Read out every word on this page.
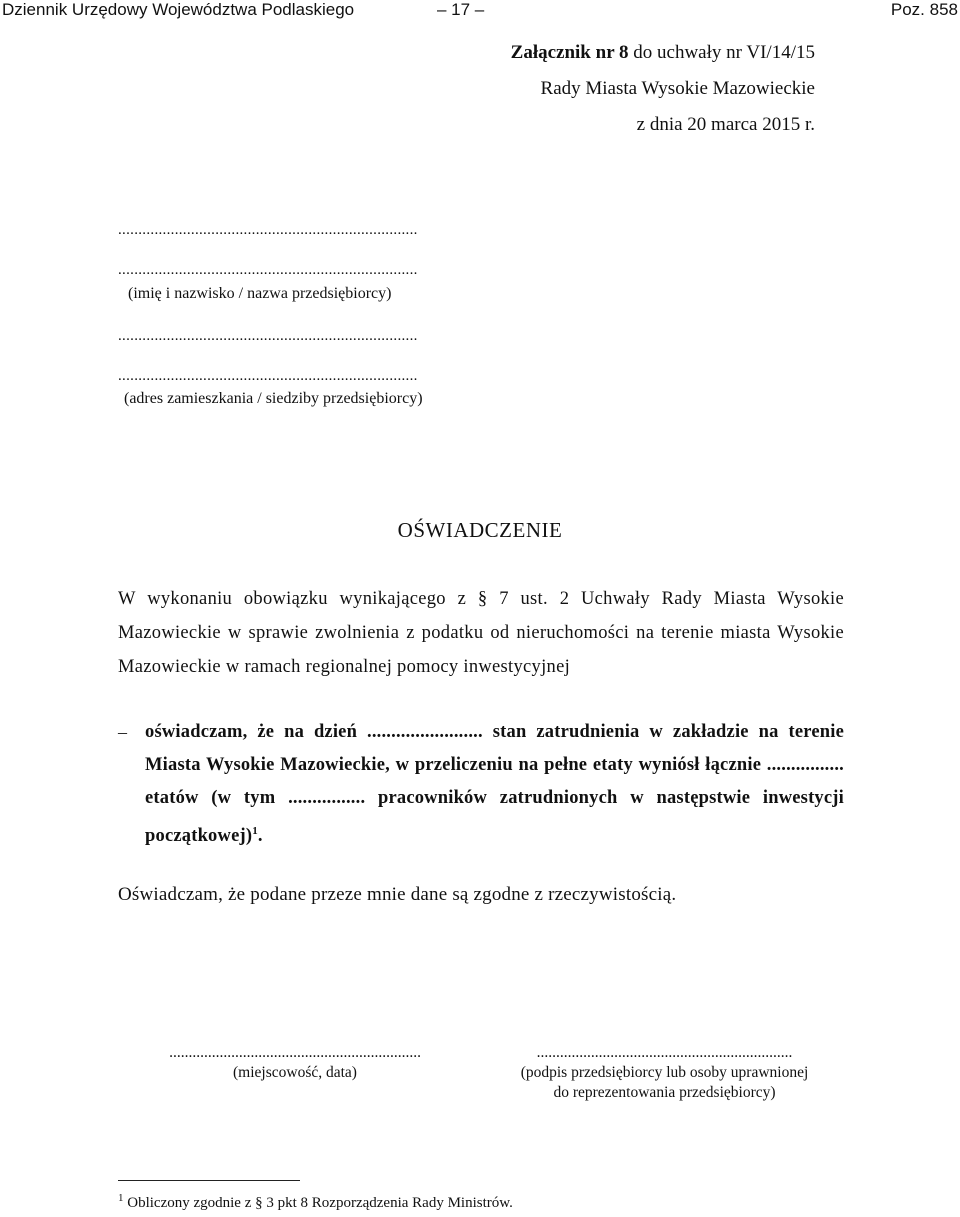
Dziennik Urzędowy Województwa Podlaskiego	– 17 –	Poz. 858
Załącznik nr 8 do uchwały nr VI/14/15
Rady Miasta Wysokie Mazowieckie
z dnia 20 marca 2015 r.
..........................................................................
..........................................................................
(imię i nazwisko / nazwa przedsiębiorcy)
..........................................................................
..........................................................................
(adres zamieszkania / siedziby przedsiębiorcy)
OŚWIADCZENIE
W wykonaniu obowiązku wynikającego z § 7 ust. 2 Uchwały Rady Miasta Wysokie Mazowieckie w sprawie zwolnienia z podatku od nieruchomości na terenie miasta Wysokie Mazowieckie w ramach regionalnej pomocy inwestycyjnej
– oświadczam, że na dzień ........................ stan zatrudnienia w zakładzie na terenie Miasta Wysokie Mazowieckie, w przeliczeniu na pełne etaty wyniósł łącznie ................ etatów (w tym ................ pracowników zatrudnionych w następstwie inwestycji początkowej)$^1$.
Oświadczam, że podane przeze mnie dane są zgodne z rzeczywistością.
.................................................................
(miejscowość, data)
..................................................................
(podpis przedsiębiorcy lub osoby uprawnionej
do reprezentowania przedsiębiorcy)
$^1$ Obliczony zgodnie z § 3 pkt 8 Rozporządzenia Rady Ministrów.
